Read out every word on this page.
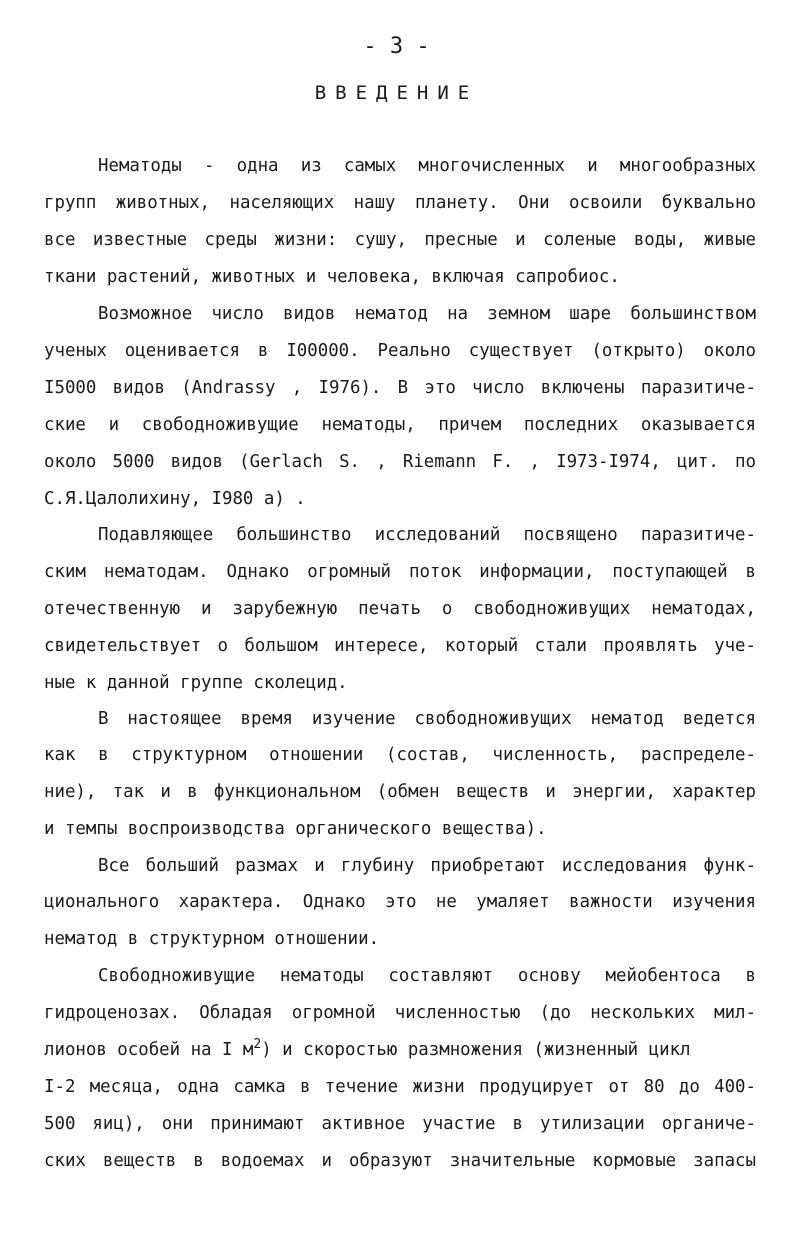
- 3 -
ВВЕДЕНИЕ
Нематоды - одна из самых многочисленных и многообразных
групп животных, населяющих нашу планету. Они освоили буквально
все известные среды жизни: сушу, пресные и соленые воды, живые
ткани растений, животных и человека, включая сапробиос.
Возможное число видов нематод на земном шаре большинством
ученых оценивается в I00000. Реально существует (открыто) около
I5000 видов (Andrassy , I976). В это число включены паразитиче-
ские и свободноживущие нематоды, причем последних оказывается
около 5000 видов (Gerlach S. , Riemann F. , I973-I974, цит. по
С.Я.Цалолихину, I980 а) .
Подавляющее большинство исследований посвящено паразитиче-
ским нематодам. Однако огромный поток информации, поступающей в
отечественную и зарубежную печать о свободноживущих нематодах,
свидетельствует о большом интересе, который стали проявлять уче-
ные к данной группе сколецид.
В настоящее время изучение свободноживущих нематод ведется
как в структурном отношении (состав, численность, распределе-
ние), так и в функциональном (обмен веществ и энергии, характер
и темпы воспроизводства органического вещества).
Все больший размах и глубину приобретают исследования функ-
ционального характера. Однако это не умаляет важности изучения
нематод в структурном отношении.
Свободноживущие нематоды составляют основу мейобентоса в
гидроценозах. Обладая огромной численностью (до нескольких мил-
лионов особей на I $м^2$) и скоростью размножения (жизненный цикл
I-2 месяца, одна самка в течение жизни продуцирует от 80 до 400-
500 яиц), они принимают активное участие в утилизации органиче-
ских веществ в водоемах и образуют значительные кормовые запасы
